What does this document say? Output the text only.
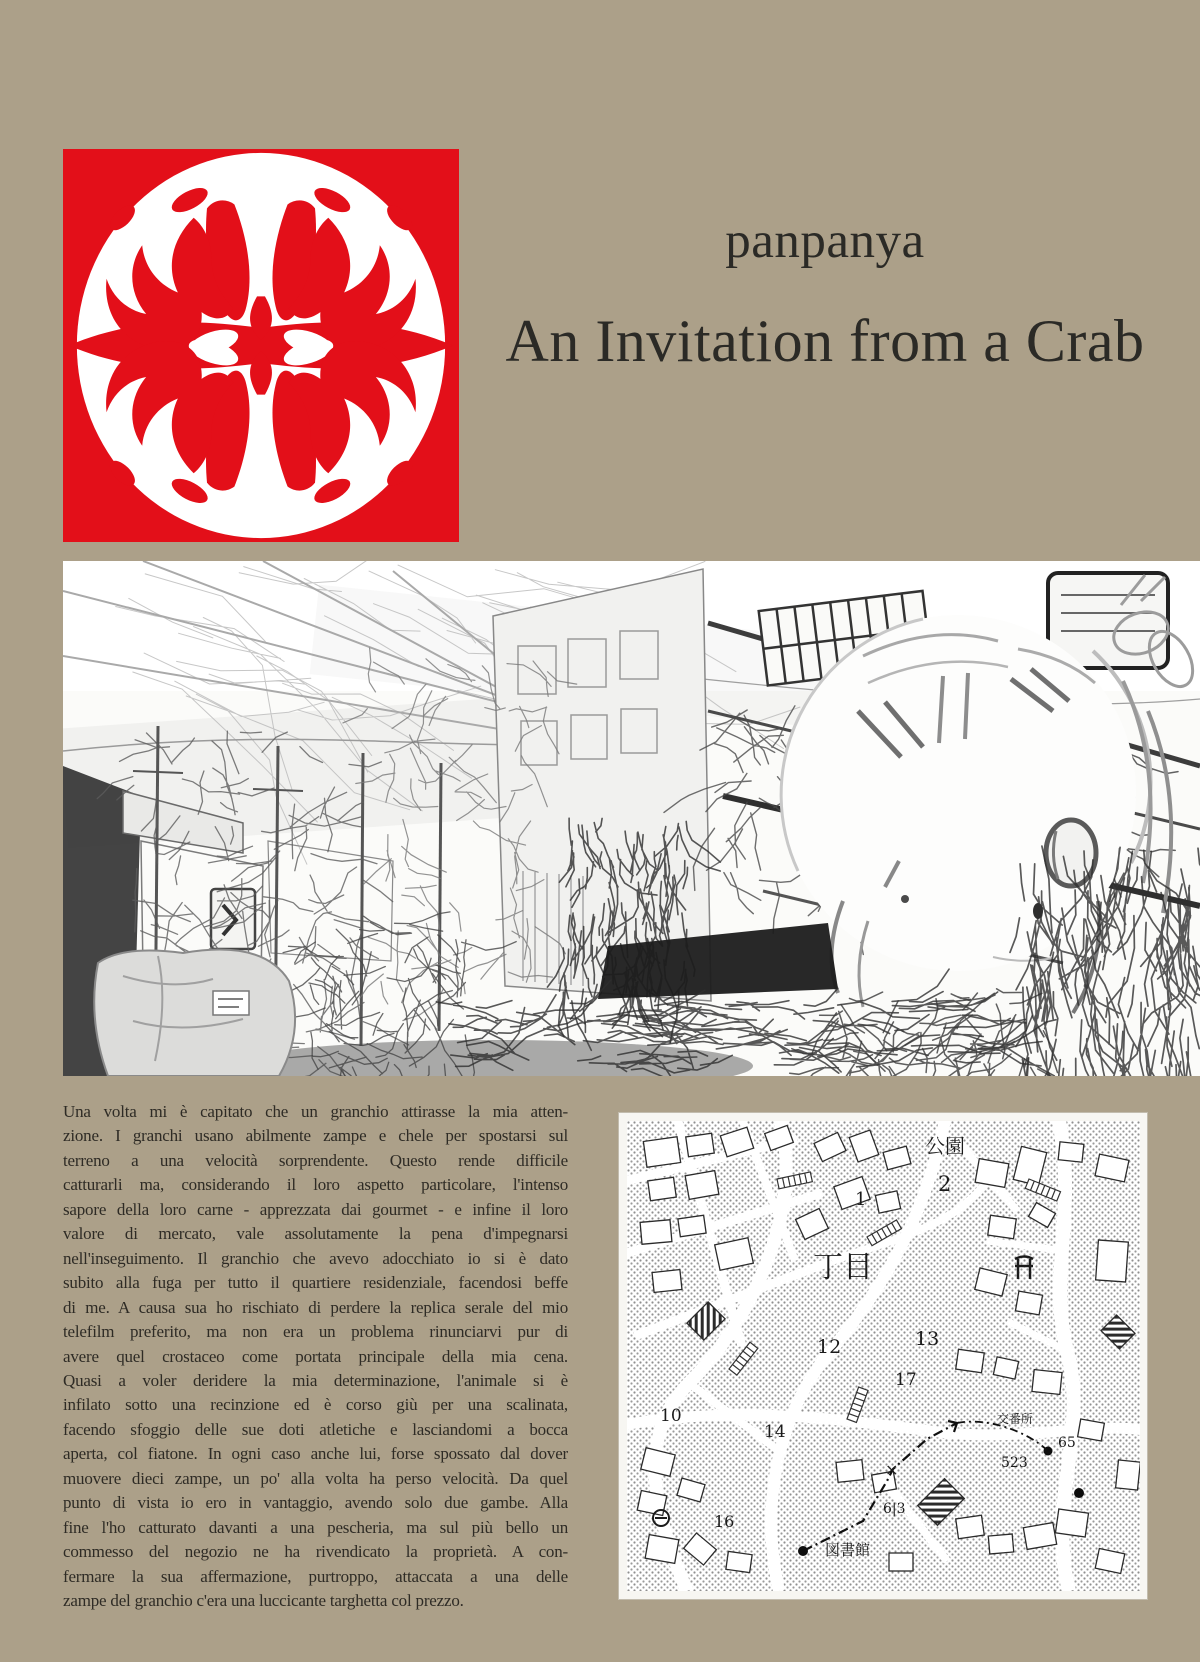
panpanya
An Invitation from a Crab
Una volta mi è capitato che un granchio attirasse la mia atten-
zione. I granchi usano abilmente zampe e chele per spostarsi sul
terreno a una velocità sorprendente. Questo rende difficile
catturarli ma, considerando il loro aspetto particolare, l'intenso
sapore della loro carne - apprezzata dai gourmet - e infine il loro
valore di mercato, vale assolutamente la pena d'impegnarsi
nell'inseguimento. Il granchio che avevo adocchiato io si è dato
subito alla fuga per tutto il quartiere residenziale, facendosi beffe
di me. A causa sua ho rischiato di perdere la replica serale del mio
telefilm preferito, ma non era un problema rinunciarvi pur di
avere quel crostaceo come portata principale della mia cena.
Quasi a voler deridere la mia determinazione, l'animale si è
infilato sotto una recinzione ed è corso giù per una scalinata,
facendo sfoggio delle sue doti atletiche e lasciandomi a bocca
aperta, col fiatone. In ogni caso anche lui, forse spossato dal dover
muovere dieci zampe, un po' alla volta ha perso velocità. Da quel
punto di vista io ero in vantaggio, avendo solo due gambe. Alla
fine l'ho catturato davanti a una pescheria, ma sul più bello un
commesso del negozio ne ha rivendicato la proprietà. A con-
fermare la sua affermazione, purtroppo, attaccata a una delle
zampe del granchio c'era una luccicante targhetta col prezzo.
公園
2
1
丁目
12	13
17
10
14
×	523
65
6|3
16
図書館
交番所
